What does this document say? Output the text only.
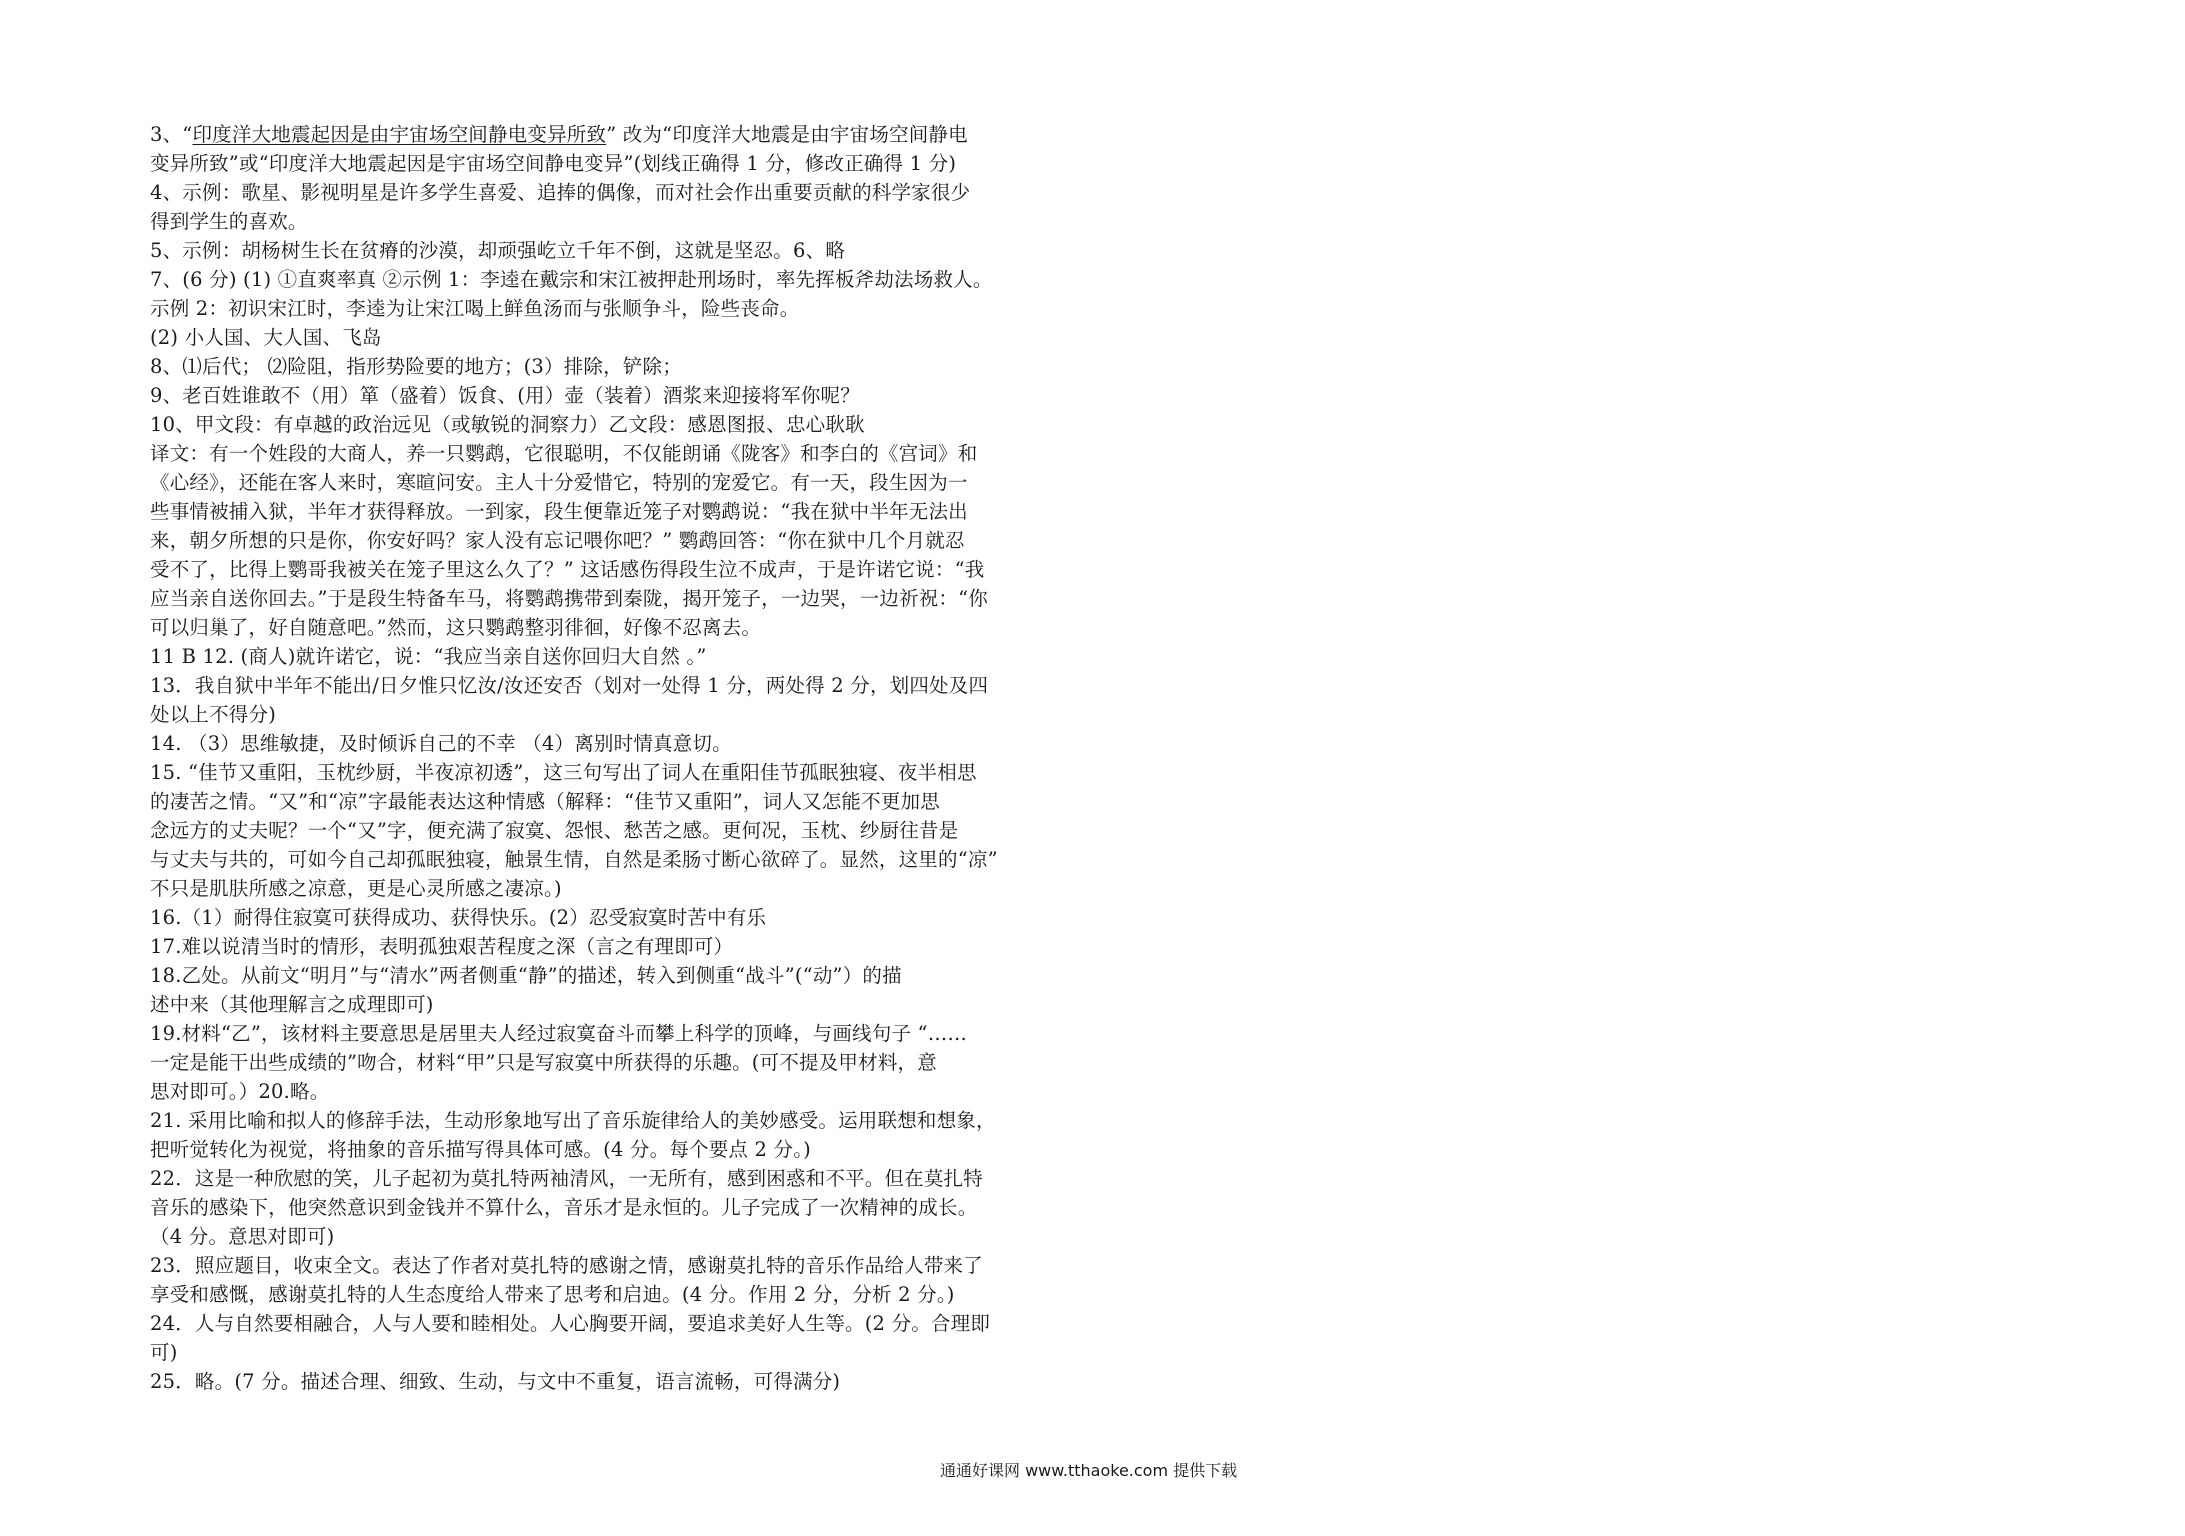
3、“印度洋大地震起因是由宇宙场空间静电变异所致” 改为“印度洋大地震是由宇宙场空间静电
变异所致”或“印度洋大地震起因是宇宙场空间静电变异”(划线正确得 1 分，修改正确得 1 分)
4、示例：歌星、影视明星是许多学生喜爱、追捧的偶像，而对社会作出重要贡献的科学家很少
得到学生的喜欢。
5、示例：胡杨树生长在贫瘠的沙漠，却顽强屹立千年不倒，这就是坚忍。6、略
7、(6 分) (1) ①直爽率真 ②示例 1：李逵在戴宗和宋江被押赴刑场时，率先挥板斧劫法场救人。
示例 2：初识宋江时，李逵为让宋江喝上鲜鱼汤而与张顺争斗，险些丧命。
(2) 小人国、大人国、飞岛
8、⑴后代； ⑵险阻，指形势险要的地方；(3）排除，铲除；
9、老百姓谁敢不（用）箪（盛着）饭食、(用）壶（装着）酒浆来迎接将军你呢？
10、甲文段：有卓越的政治远见（或敏锐的洞察力）乙文段：感恩图报、忠心耿耿
译文：有一个姓段的大商人，养一只鹦鹉，它很聪明，不仅能朗诵《陇客》和李白的《宫词》和
《心经》，还能在客人来时，寒暄问安。主人十分爱惜它，特别的宠爱它。有一天，段生因为一
些事情被捕入狱，半年才获得释放。一到家，段生便靠近笼子对鹦鹉说：“我在狱中半年无法出
来，朝夕所想的只是你，你安好吗？家人没有忘记喂你吧？” 鹦鹉回答：“你在狱中几个月就忍
受不了，比得上鹦哥我被关在笼子里这么久了？” 这话感伤得段生泣不成声，于是许诺它说：“我
应当亲自送你回去。”于是段生特备车马，将鹦鹉携带到秦陇，揭开笼子，一边哭，一边祈祝：“你
可以归巢了，好自随意吧。”然而，这只鹦鹉整羽徘徊，好像不忍离去。
11 B 12. (商人)就许诺它，说：“我应当亲自送你回归大自然 。”
13．我自狱中半年不能出/日夕惟只忆汝/汝还安否（划对一处得 1 分，两处得 2 分，划四处及四
处以上不得分)
14. （3）思维敏捷，及时倾诉自己的不幸 （4）离别时情真意切。
15. “佳节又重阳，玉枕纱厨，半夜凉初透”，这三句写出了词人在重阳佳节孤眠独寝、夜半相思
的凄苦之情。“又”和“凉”字最能表达这种情感（解释：“佳节又重阳”，词人又怎能不更加思
念远方的丈夫呢？一个“又”字，便充满了寂寞、怨恨、愁苦之感。更何况，玉枕、纱厨往昔是
与丈夫与共的，可如今自己却孤眠独寝，触景生情，自然是柔肠寸断心欲碎了。显然，这里的“凉”
不只是肌肤所感之凉意，更是心灵所感之凄凉。)
16.（1）耐得住寂寞可获得成功、获得快乐。(2）忍受寂寞时苦中有乐
17.难以说清当时的情形，表明孤独艰苦程度之深（言之有理即可）
18.乙处。从前文“明月”与“清水”两者侧重“静”的描述，转入到侧重“战斗”(“动”）的描
述中来（其他理解言之成理即可)
19.材料“乙”，该材料主要意思是居里夫人经过寂寞奋斗而攀上科学的顶峰，与画线句子 “……
一定是能干出些成绩的”吻合，材料“甲”只是写寂寞中所获得的乐趣。(可不提及甲材料，意
思对即可。）20.略。
21. 采用比喻和拟人的修辞手法，生动形象地写出了音乐旋律给人的美妙感受。运用联想和想象，
把听觉转化为视觉，将抽象的音乐描写得具体可感。(4 分。每个要点 2 分。)
22．这是一种欣慰的笑，儿子起初为莫扎特两袖清风，一无所有，感到困惑和不平。但在莫扎特
音乐的感染下，他突然意识到金钱并不算什么，音乐才是永恒的。儿子完成了一次精神的成长。
（4 分。意思对即可)
23．照应题目，收束全文。表达了作者对莫扎特的感谢之情，感谢莫扎特的音乐作品给人带来了
享受和感慨，感谢莫扎特的人生态度给人带来了思考和启迪。(4 分。作用 2 分，分析 2 分。)
24．人与自然要相融合，人与人要和睦相处。人心胸要开阔，要追求美好人生等。(2 分。合理即
可)
25．略。(7 分。描述合理、细致、生动，与文中不重复，语言流畅，可得满分)
通通好课网 www.tthaoke.com 提供下载
